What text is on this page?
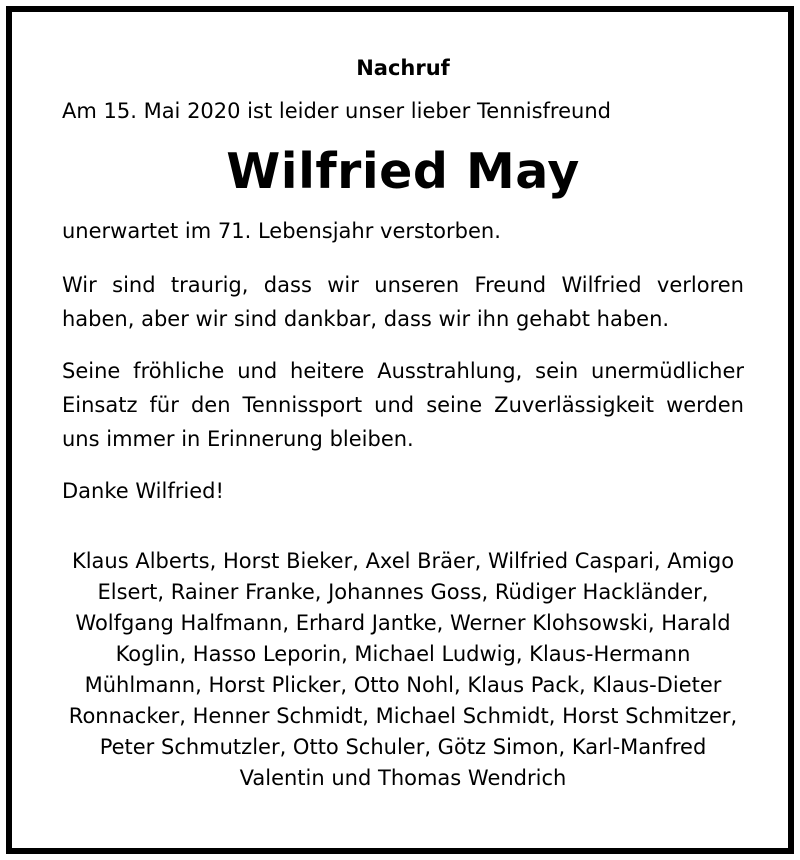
Nachruf

Am 15. Mai 2020 ist leider unser lieber Tennisfreund

Wilfried May

unerwartet im 71. Lebensjahr verstorben.

Wir sind traurig, dass wir unseren Freund Wilfried verloren haben, aber wir sind dankbar, dass wir ihn gehabt haben.

Seine fröhliche und heitere Ausstrahlung, sein unermüdlicher Einsatz für den Tennissport und seine Zuverlässigkeit werden uns immer in Erinnerung bleiben.

Danke Wilfried!

Klaus Alberts, Horst Bieker, Axel Bräer, Wilfried Caspari, Amigo Elsert, Rainer Franke, Johannes Goss, Rüdiger Hackländer, Wolfgang Halfmann, Erhard Jantke, Werner Klohsowski, Harald Koglin, Hasso Leporin, Michael Ludwig, Klaus-Hermann Mühlmann, Horst Plicker, Otto Nohl, Klaus Pack, Klaus-Dieter Ronnacker, Henner Schmidt, Michael Schmidt, Horst Schmitzer, Peter Schmutzler, Otto Schuler, Götz Simon, Karl-Manfred Valentin und Thomas Wendrich
